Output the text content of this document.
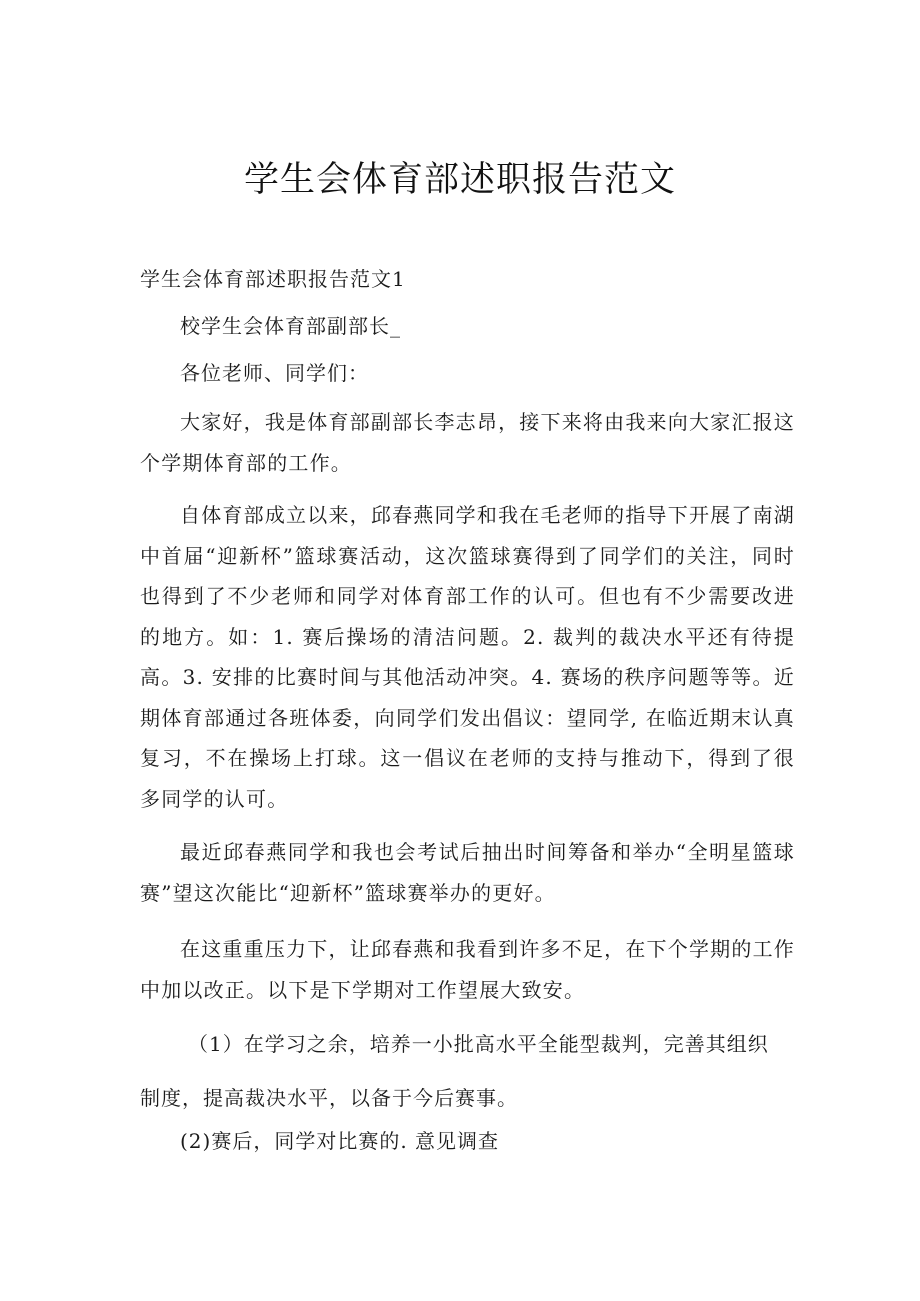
学生会体育部述职报告范文

学生会体育部述职报告范文1

校学生会体育部副部长_

各位老师、同学们：

大家好，我是体育部副部长李志昂，接下来将由我来向大家汇报这个学期体育部的工作。

自体育部成立以来，邱春燕同学和我在毛老师的指导下开展了南湖中首届“迎新杯”篮球赛活动，这次篮球赛得到了同学们的关注，同时也得到了不少老师和同学对体育部工作的认可。但也有不少需要改进的地方。如：1. 赛后操场的清洁问题。2. 裁判的裁决水平还有待提高。3. 安排的比赛时间与其他活动冲突。4. 赛场的秩序问题等等。近期体育部通过各班体委，向同学们发出倡议：望同学, 在临近期末认真复习，不在操场上打球。这一倡议在老师的支持与推动下，得到了很多同学的认可。

最近邱春燕同学和我也会考试后抽出时间筹备和举办“全明星篮球赛”望这次能比“迎新杯”篮球赛举办的更好。

在这重重压力下，让邱春燕和我看到许多不足，在下个学期的工作中加以改正。以下是下学期对工作望展大致安。

（1）在学习之余，培养一小批高水平全能型裁判，完善其组织

制度，提高裁决水平，以备于今后赛事。

(2)赛后，同学对比赛的. 意见调查
